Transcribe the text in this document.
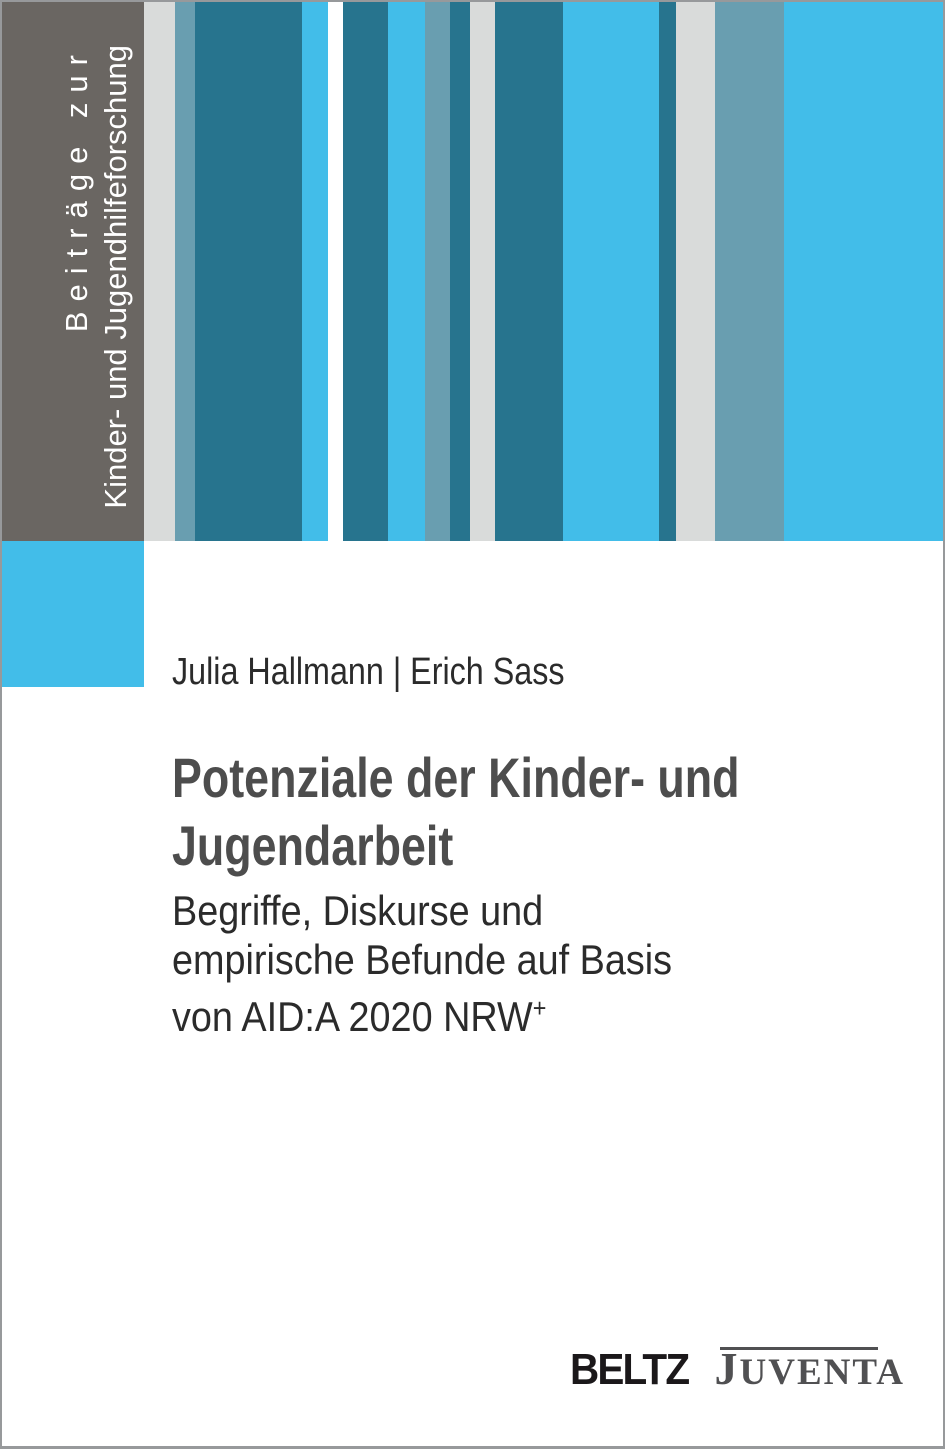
Beiträge zur Kinder- und Jugendhilfeforschung
Julia Hallmann | Erich Sass
Potenziale der Kinder- und
Jugendarbeit
Begriffe, Diskurse und
empirische Befunde auf Basis
von AID:A 2020 NRW+
BELTZ JUVENTA
